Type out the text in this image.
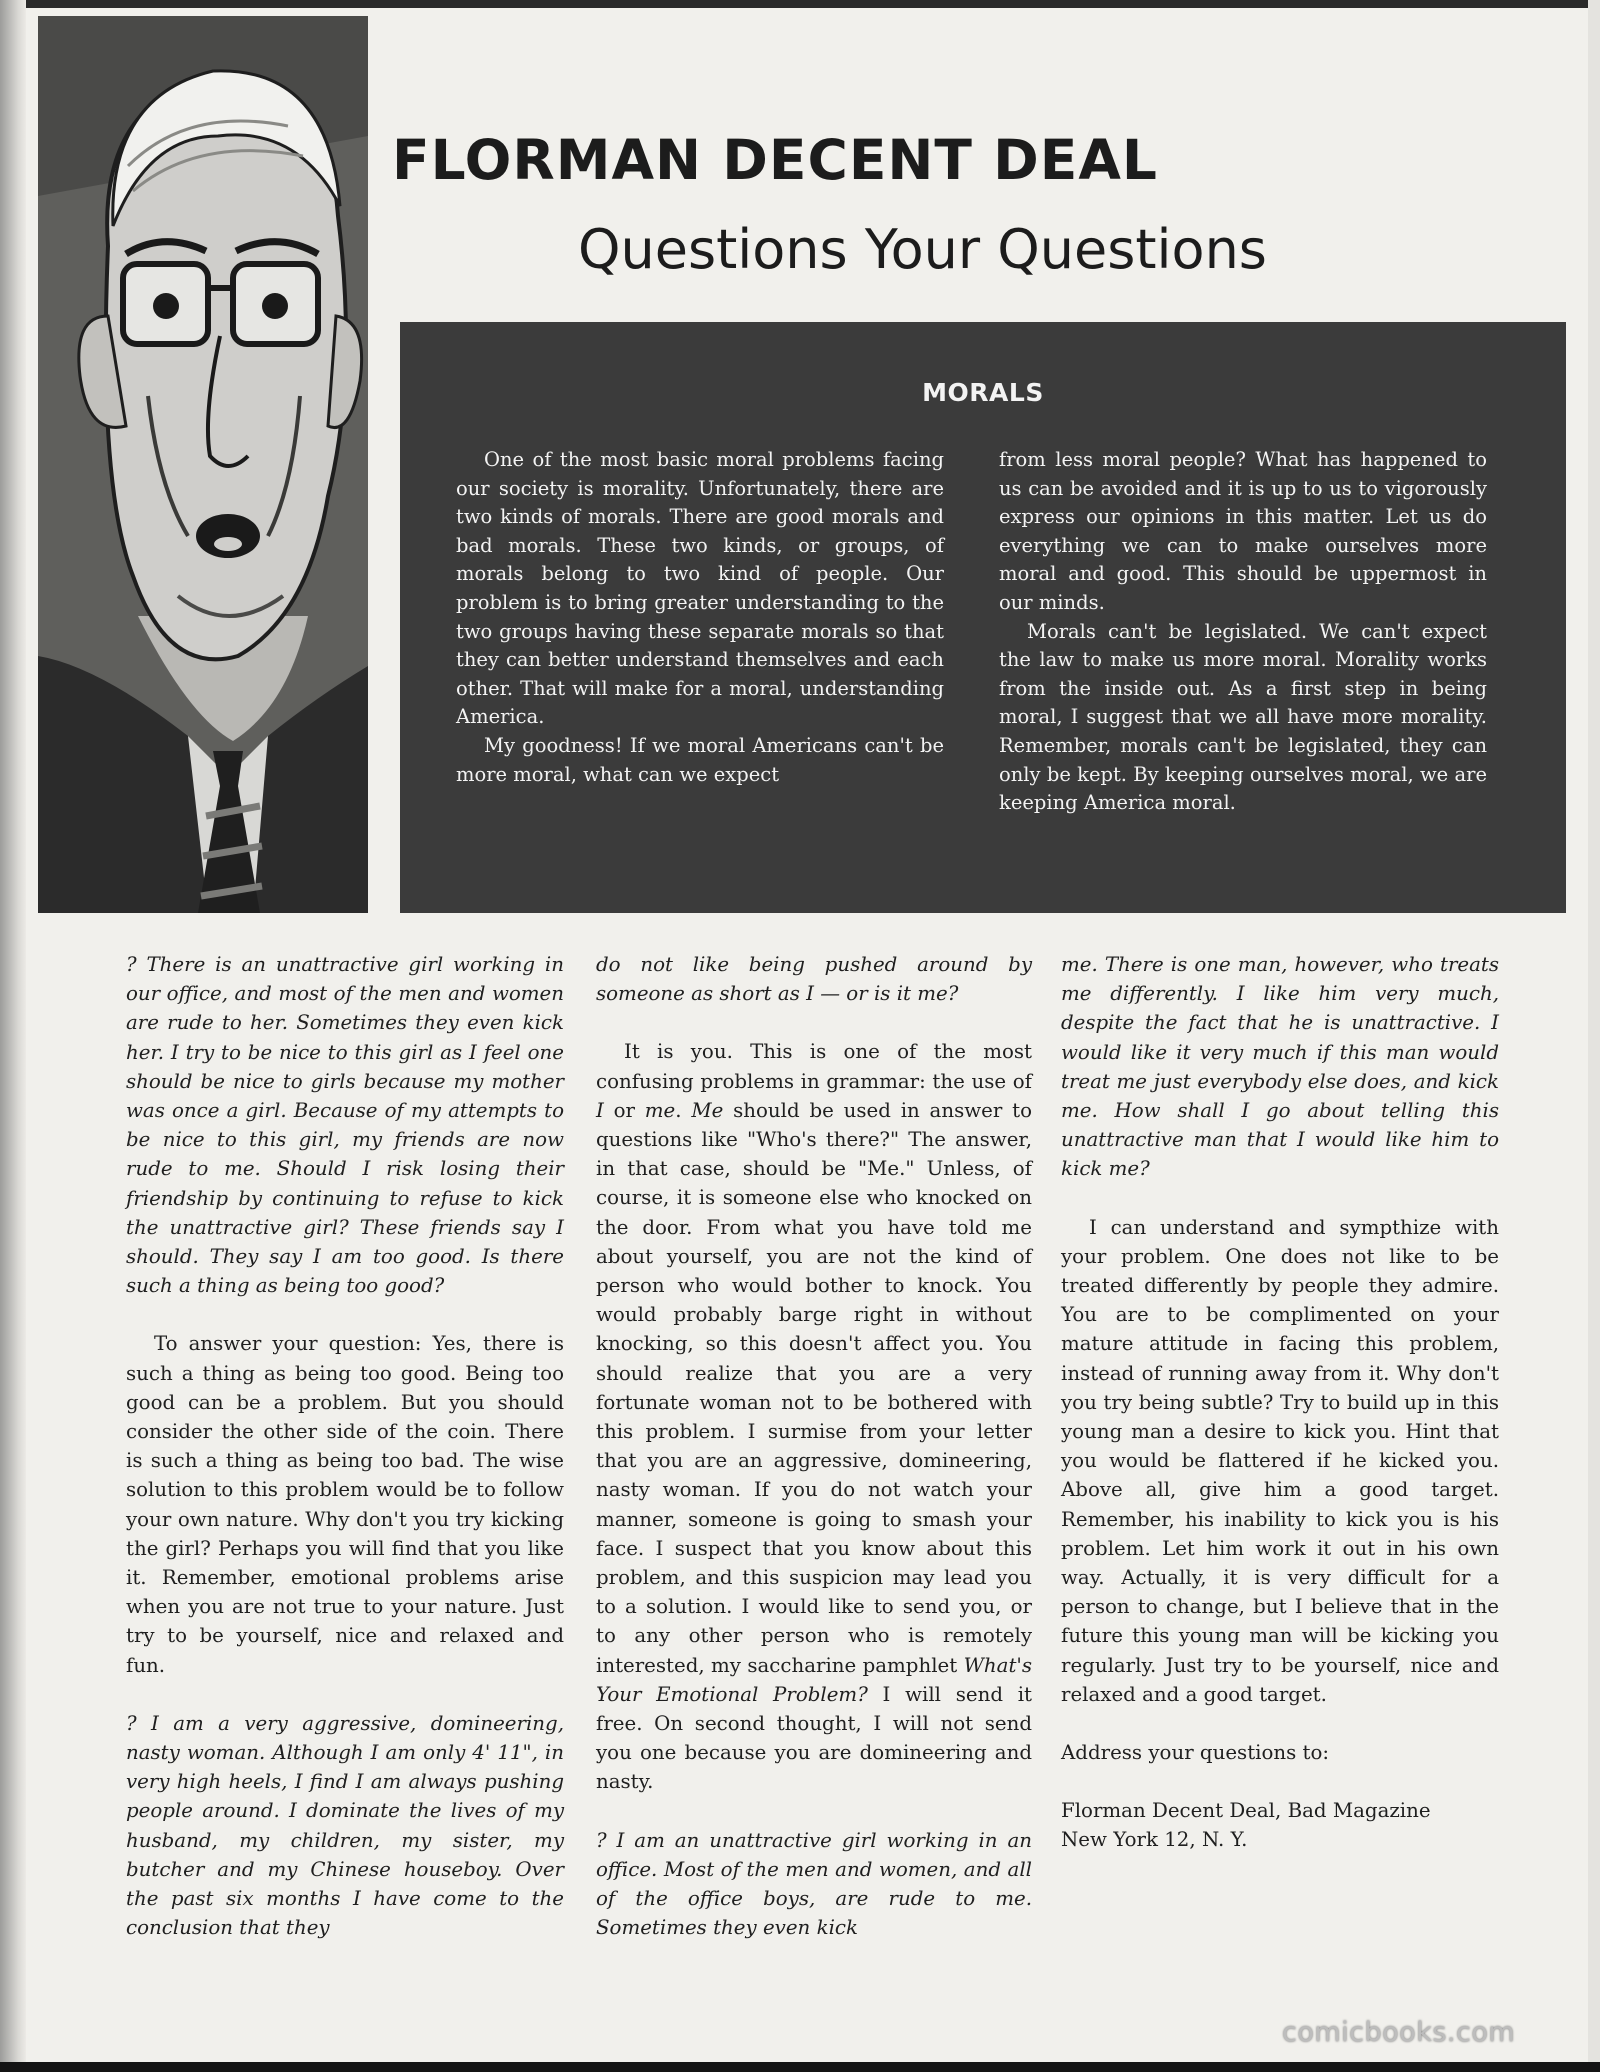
FLORMAN DECENT DEAL
Questions Your Questions
MORALS

One of the most basic moral problems facing our society is morality. Unfortunately, there are two kinds of morals. There are good morals and bad morals. These two kinds, or groups, of morals belong to two kind of people. Our problem is to bring greater understanding to the two groups having these separate morals so that they can better understand themselves and each other. That will make for a moral, understanding America.

My goodness! If we moral Americans can't be more moral, what can we expect

from less moral people? What has happened to us can be avoided and it is up to us to vigorously express our opinions in this matter. Let us do everything we can to make ourselves more moral and good. This should be uppermost in our minds.

Morals can't be legislated. We can't expect the law to make us more moral. Morality works from the inside out. As a first step in being moral, I suggest that we all have more morality. Remember, morals can't be legislated, they can only be kept. By keeping ourselves moral, we are keeping America moral.

? There is an unattractive girl working in our office, and most of the men and women are rude to her. Sometimes they even kick her. I try to be nice to this girl as I feel one should be nice to girls because my mother was once a girl. Because of my attempts to be nice to this girl, my friends are now rude to me. Should I risk losing their friendship by continuing to refuse to kick the unattractive girl? These friends say I should. They say I am too good. Is there such a thing as being too good?

To answer your question: Yes, there is such a thing as being too good. Being too good can be a problem. But you should consider the other side of the coin. There is such a thing as being too bad. The wise solution to this problem would be to follow your own nature. Why don't you try kicking the girl? Perhaps you will find that you like it. Remember, emotional problems arise when you are not true to your nature. Just try to be yourself, nice and relaxed and fun.

? I am a very aggressive, domineering, nasty woman. Although I am only 4' 11", in very high heels, I find I am always pushing people around. I dominate the lives of my husband, my children, my sister, my butcher and my Chinese houseboy. Over the past six months I have come to the conclusion that they

do not like being pushed around by someone as short as I — or is it me?

It is you. This is one of the most confusing problems in grammar: the use of I or me. Me should be used in answer to questions like "Who's there?" The answer, in that case, should be "Me." Unless, of course, it is someone else who knocked on the door. From what you have told me about yourself, you are not the kind of person who would bother to knock. You would probably barge right in without knocking, so this doesn't affect you. You should realize that you are a very fortunate woman not to be bothered with this problem. I surmise from your letter that you are an aggressive, domineering, nasty woman. If you do not watch your manner, someone is going to smash your face. I suspect that you know about this problem, and this suspicion may lead you to a solution. I would like to send you, or to any other person who is remotely interested, my saccharine pamphlet What's Your Emotional Problem? I will send it free. On second thought, I will not send you one because you are domineering and nasty.

? I am an unattractive girl working in an office. Most of the men and women, and all of the office boys, are rude to me. Sometimes they even kick

me. There is one man, however, who treats me differently. I like him very much, despite the fact that he is unattractive. I would like it very much if this man would treat me just everybody else does, and kick me. How shall I go about telling this unattractive man that I would like him to kick me?

I can understand and sympthize with your problem. One does not like to be treated differently by people they admire. You are to be complimented on your mature attitude in facing this problem, instead of running away from it. Why don't you try being subtle? Try to build up in this young man a desire to kick you. Hint that you would be flattered if he kicked you. Above all, give him a good target. Remember, his inability to kick you is his problem. Let him work it out in his own way. Actually, it is very difficult for a person to change, but I believe that in the future this young man will be kicking you regularly. Just try to be yourself, nice and relaxed and a good target.

Address your questions to:

Florman Decent Deal, Bad Magazine

New York 12, N. Y.

comicbooks.com
